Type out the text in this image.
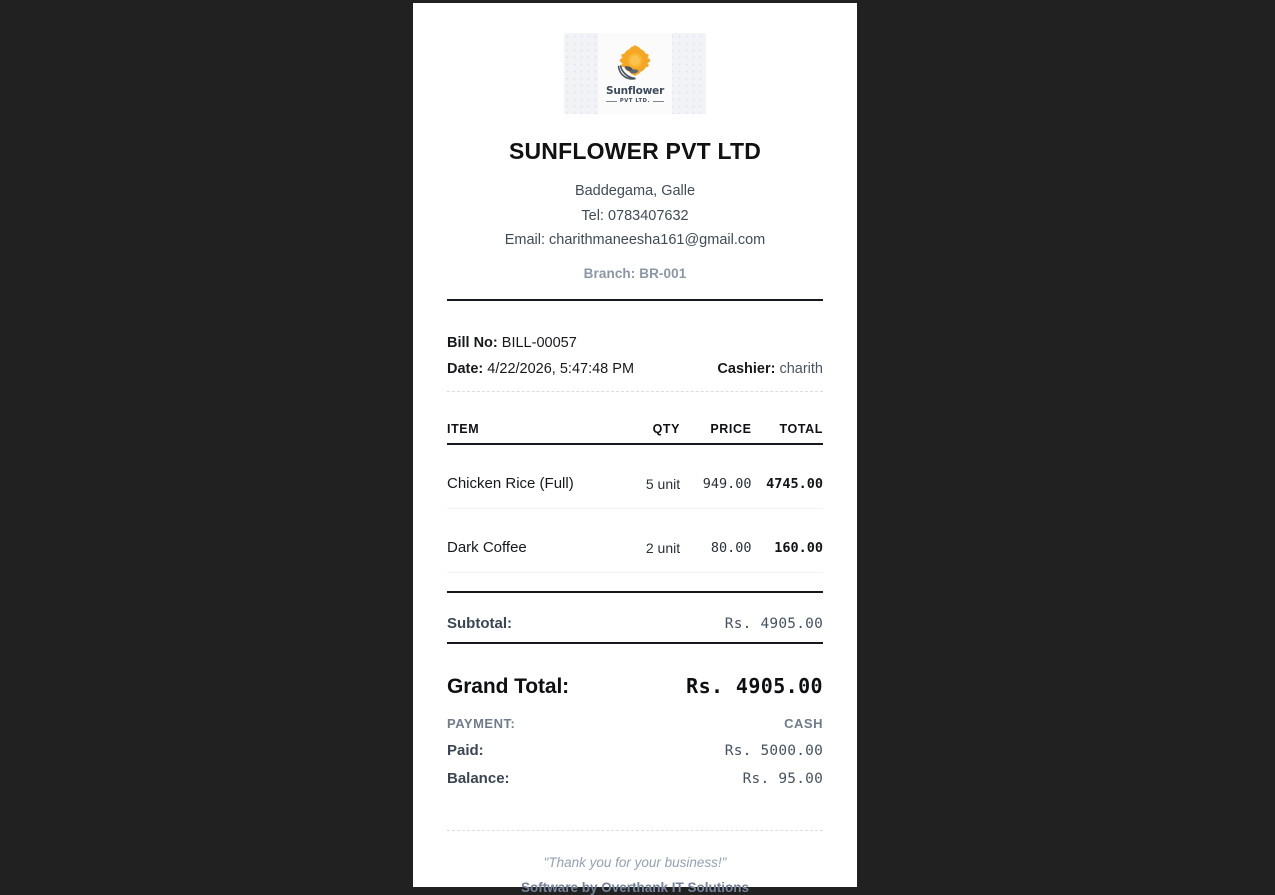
Sunflower
PVT LTD.
SUNFLOWER PVT LTD
Baddegama, Galle
Tel: 0783407632
Email: charithmaneesha161@gmail.com
Branch: BR-001
Bill No: BILL-00057
Date: 4/22/2026, 5:47:48 PM	Cashier: charith
ITEM	QTY	PRICE	TOTAL
Chicken Rice (Full)	5 unit	949.00	4745.00
Dark Coffee	2 unit	80.00	160.00
Subtotal:	Rs. 4905.00
Grand Total:	Rs. 4905.00
PAYMENT:	CASH
Paid:	Rs. 5000.00
Balance:	Rs. 95.00
"Thank you for your business!"
Software by Overthank IT Solutions
